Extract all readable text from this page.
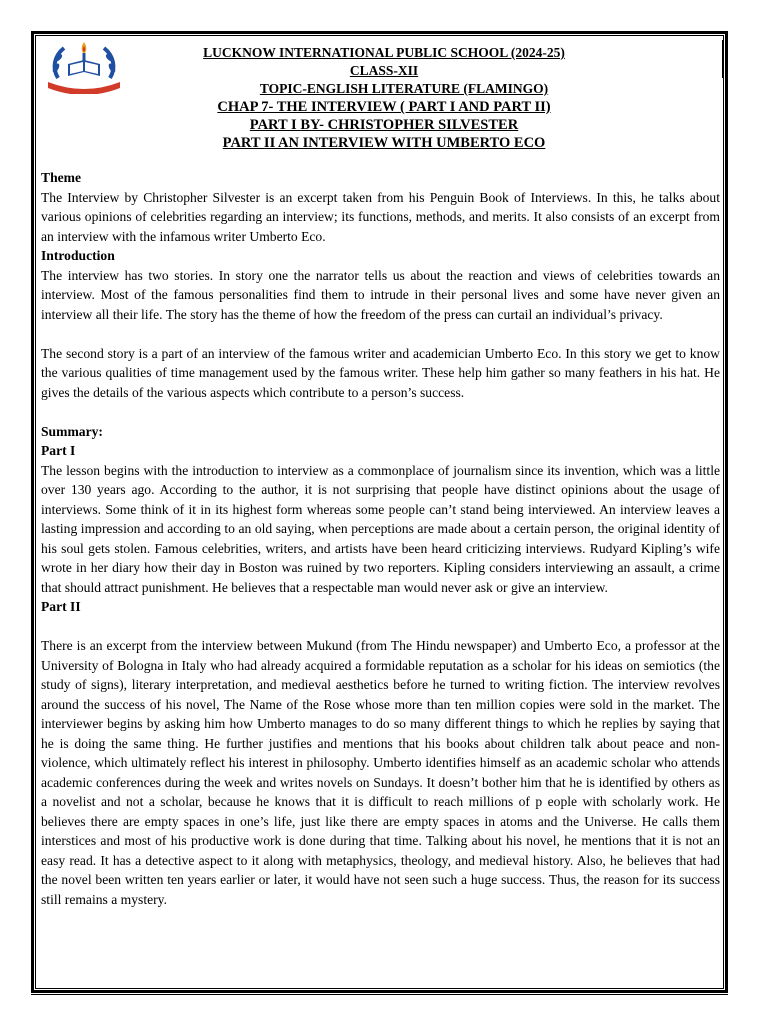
LUCKNOW INTERNATIONAL PUBLIC SCHOOL (2024-25)
CLASS-XII
TOPIC-ENGLISH LITERATURE (FLAMINGO)
CHAP 7- THE INTERVIEW ( PART I AND PART II)
PART I BY- CHRISTOPHER SILVESTER
PART II AN INTERVIEW WITH UMBERTO ECO

Theme

The Interview by Christopher Silvester is an excerpt taken from his Penguin Book of Interviews. In this, he talks about various opinions of celebrities regarding an interview; its functions, methods, and merits. It also consists of an excerpt from an interview with the infamous writer Umberto Eco.

Introduction

The interview has two stories. In story one the narrator tells us about the reaction and views of celebrities towards an interview. Most of the famous personalities find them to intrude in their personal lives and some have never given an interview all their life. The story has the theme of how the freedom of the press can curtail an individual’s privacy.

The second story is a part of an interview of the famous writer and academician Umberto Eco. In this story we get to know the various qualities of time management used by the famous writer. These help him gather so many feathers in his hat. He gives the details of the various aspects which contribute to a person’s success.

Summary:

Part I

The lesson begins with the introduction to interview as a commonplace of journalism since its invention, which was a little over 130 years ago. According to the author, it is not surprising that people have distinct opinions about the usage of interviews. Some think of it in its highest form whereas some people can’t stand being interviewed. An interview leaves a lasting impression and according to an old saying, when perceptions are made about a certain person, the original identity of his soul gets stolen. Famous celebrities, writers, and artists have been heard criticizing interviews. Rudyard Kipling’s wife wrote in her diary how their day in Boston was ruined by two reporters. Kipling considers interviewing an assault, a crime that should attract punishment. He believes that a respectable man would never ask or give an interview.

Part II

There is an excerpt from the interview between Mukund (from The Hindu newspaper) and Umberto Eco, a professor at the University of Bologna in Italy who had already acquired a formidable reputation as a scholar for his ideas on semiotics (the study of signs), literary interpretation, and medieval aesthetics before he turned to writing fiction. The interview revolves around the success of his novel, The Name of the Rose whose more than ten million copies were sold in the market. The interviewer begins by asking him how Umberto manages to do so many different things to which he replies by saying that he is doing the same thing. He further justifies and mentions that his books about children talk about peace and non-violence, which ultimately reflect his interest in philosophy. Umberto identifies himself as an academic scholar who attends academic conferences during the week and writes novels on Sundays. It doesn’t bother him that he is identified by others as a novelist and not a scholar, because he knows that it is difficult to reach millions of p eople with scholarly work. He believes there are empty spaces in one’s life, just like there are empty spaces in atoms and the Universe. He calls them interstices and most of his productive work is done during that time. Talking about his novel, he mentions that it is not an easy read. It has a detective aspect to it along with metaphysics, theology, and medieval history. Also, he believes that had the novel been written ten years earlier or later, it would have not seen such a huge success. Thus, the reason for its success still remains a mystery.
